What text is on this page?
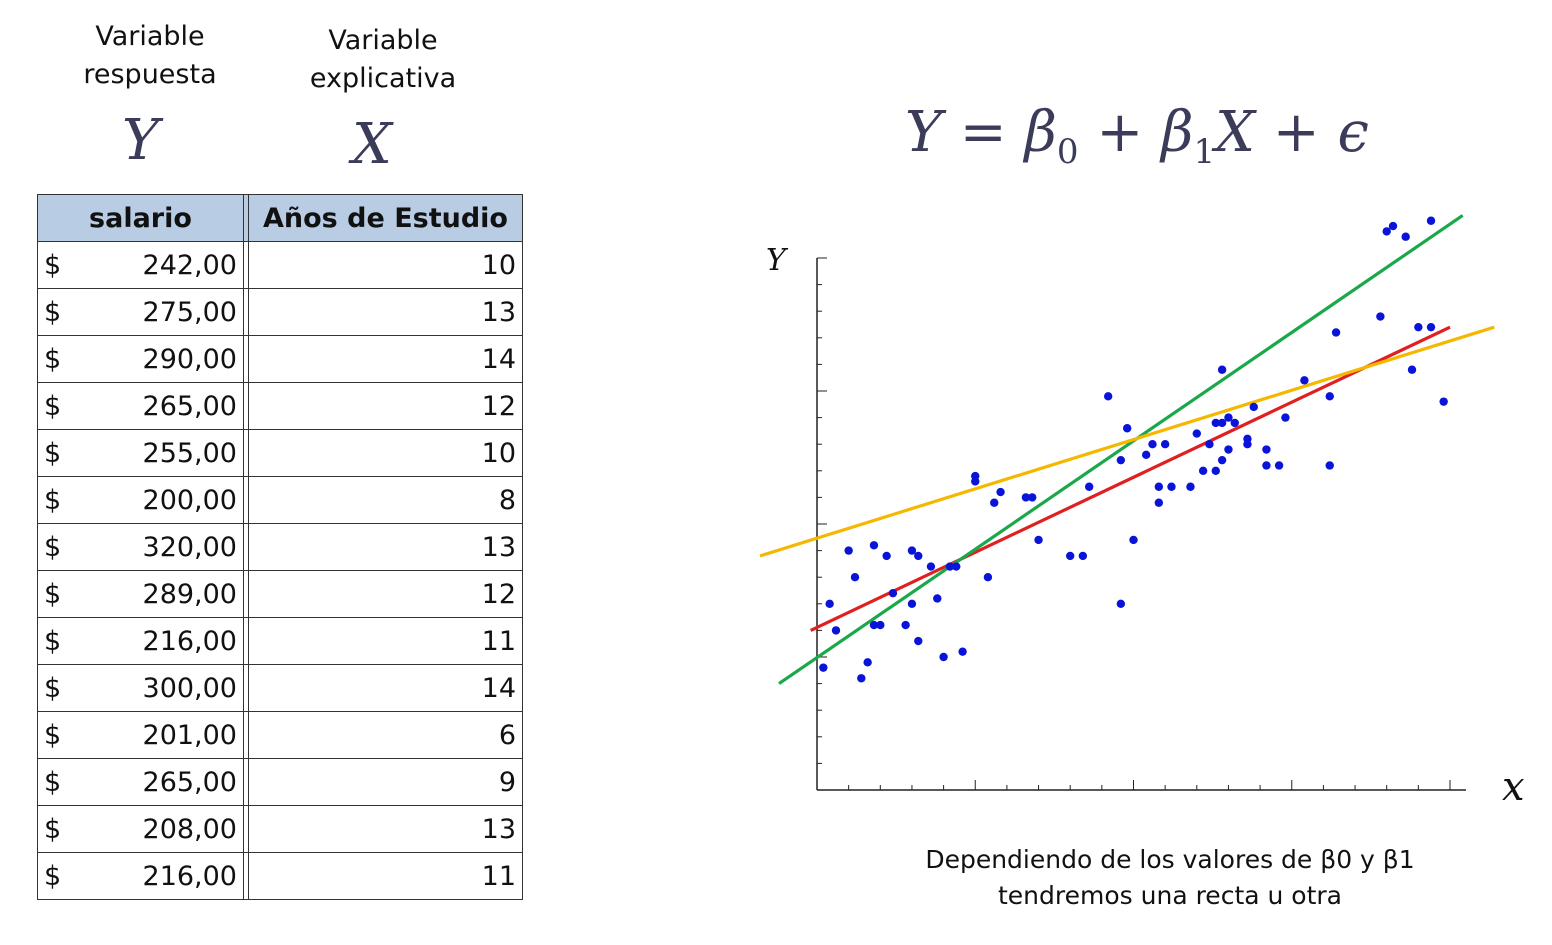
Variable
respuesta
Variable
explicativa
Y	X
salario		Años de Estudio

$ 242,00		10

$ 275,00		13

$ 290,00		14

$ 265,00		12

$ 255,00		10

$ 200,00		8

$ 320,00		13

$ 289,00		12

$ 216,00		11

$ 300,00		14

$ 201,00		6

$ 265,00		9

$ 208,00		13

$ 216,00		11
$Y = \beta_0 + \beta_1X + \epsilon$
Y
x
Dependiendo de los valores de β0 y β1
tendremos una recta u otra
